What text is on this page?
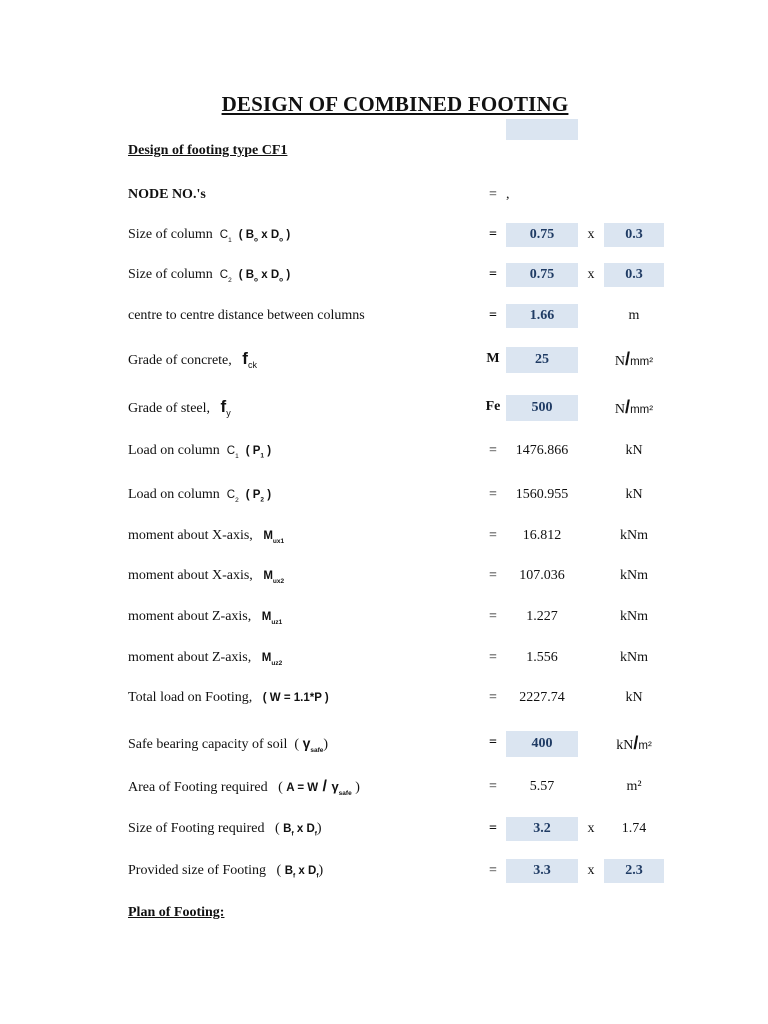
DESIGN OF COMBINED FOOTING
Design of footing type CF1
NODE NO.'s	= ,
Size of column $C_1$ ( $B_o$ x $D_o$ )	=	0.75	x	0.3
Size of column $C_2$ ( $B_o$ x $D_o$ )	=	0.75	x	0.3
centre to centre distance between columns	=	1.66	m
Grade of concrete, $f_{ck}$	M	25	N/mm²
Grade of steel, $f_y$	Fe	500	N/mm²
Load on column $C_1$ ( $P_1$ )	=	1476.866	kN
Load on column $C_2$ ( $P_2$ )	=	1560.955	kN
moment about X-axis, $M_{ux1}$	=	16.812	kNm
moment about X-axis, $M_{ux2}$	=	107.036	kNm
moment about Z-axis, $M_{uz1}$	=	1.227	kNm
moment about Z-axis, $M_{uz2}$	=	1.556	kNm
Total load on Footing, ( W = 1.1*P )	=	2227.74	kN
Safe bearing capacity of soil  ( $\gamma_{safe}$)	=	400	kN/m²
Area of Footing required   ( $A = W / \gamma_{safe}$ )	=	5.57	m²
Size of Footing required   ( $B_f$ x $D_f$)	=	3.2	x	1.74
Provided size of Footing   ( $B_f$ x $D_f$)	=	3.3	x	2.3
Plan of Footing:
